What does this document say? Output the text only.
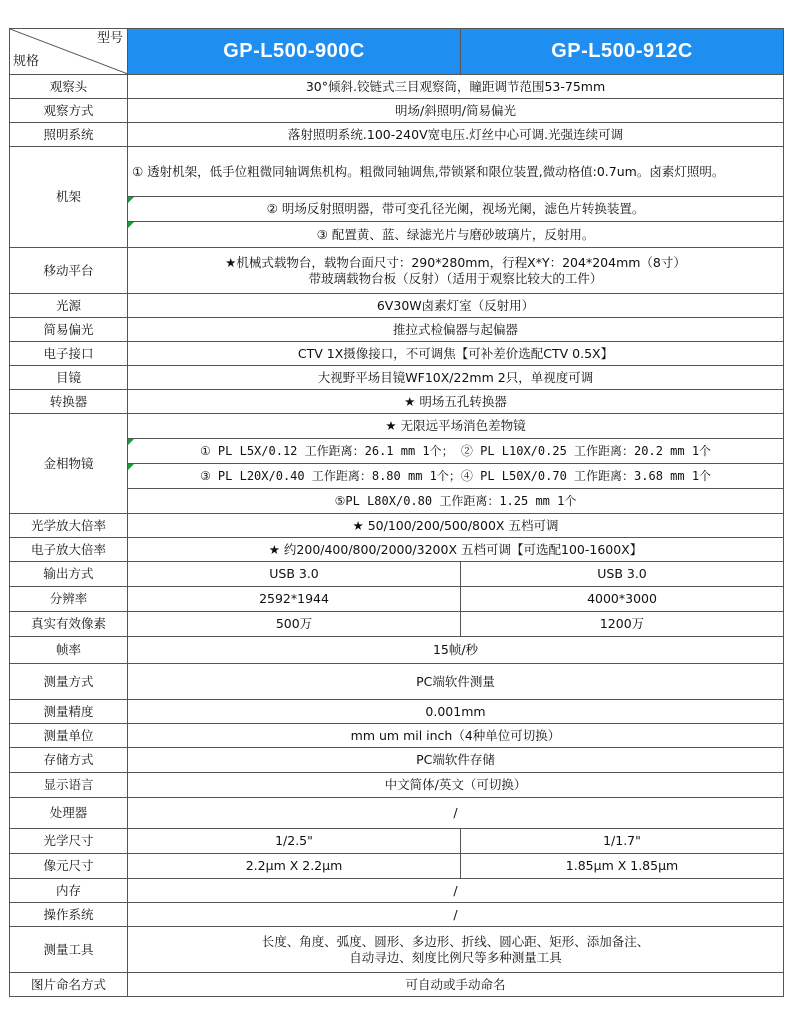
型号
规格	GP-L500-900C	GP-L500-912C
观察头	30°倾斜.铰链式三目观察筒，瞳距调节范围53-75mm	
观察方式	明场/斜照明/简易偏光	
照明系统	落射照明系统.100-240V宽电压.灯丝中心可调.光强连续可调	
机架	① 透射机架，低手位粗微同轴调焦机构。粗微同轴调焦,带锁紧和限位装置,微动格值:0.7um。卤素灯照明。	
	② 明场反射照明器，带可变孔径光阑，视场光阑，滤色片转换装置。	
	③ 配置黄、蓝、绿滤光片与磨砂玻璃片，反射用。	
移动平台	★机械式载物台，载物台面尺寸：290*280mm，行程X*Y：204*204mm（8寸）
带玻璃载物台板（反射）（适用于观察比较大的工件）	

光源	6V30W卤素灯室（反射用）	
简易偏光	推拉式检偏器与起偏器	
电子接口	CTV 1X摄像接口，不可调焦【可补差价选配CTV 0.5X】	
目镜	大视野平场目镜WF10X/22mm 2只，单视度可调	
转换器	★ 明场五孔转换器	
金相物镜	★ 无限远平场消色差物镜	
	① PL L5X/0.12 工作距离：26.1 mm 1个； ② PL L10X/0.25 工作距离：20.2 mm 1个	
	③ PL L20X/0.40 工作距离：8.80 mm 1个；④ PL L50X/0.70 工作距离：3.68 mm 1个	
	⑤PL L80X/0.80 工作距离：1.25 mm 1个	
光学放大倍率	★ 50/100/200/500/800X 五档可调	
电子放大倍率	★ 约200/400/800/2000/3200X 五档可调【可选配100-1600X】	
输出方式	USB 3.0	USB 3.0
分辨率	2592*1944	4000*3000
真实有效像素	500万	1200万
帧率	15帧/秒	
测量方式	PC端软件测量	
测量精度	0.001mm	
测量单位	mm um mil inch（4种单位可切换）	
存储方式	PC端软件存储	
显示语言	中文简体/英文（可切换）	
处理器	/	
光学尺寸	1/2.5"	1/1.7"
像元尺寸	2.2μm X 2.2μm	1.85μm X 1.85μm
内存	/	
操作系统	/	
测量工具	长度、角度、弧度、圆形、多边形、折线、圆心距、矩形、添加备注、
自动寻边、刻度比例尺等多种测量工具	

图片命名方式	可自动或手动命名	
